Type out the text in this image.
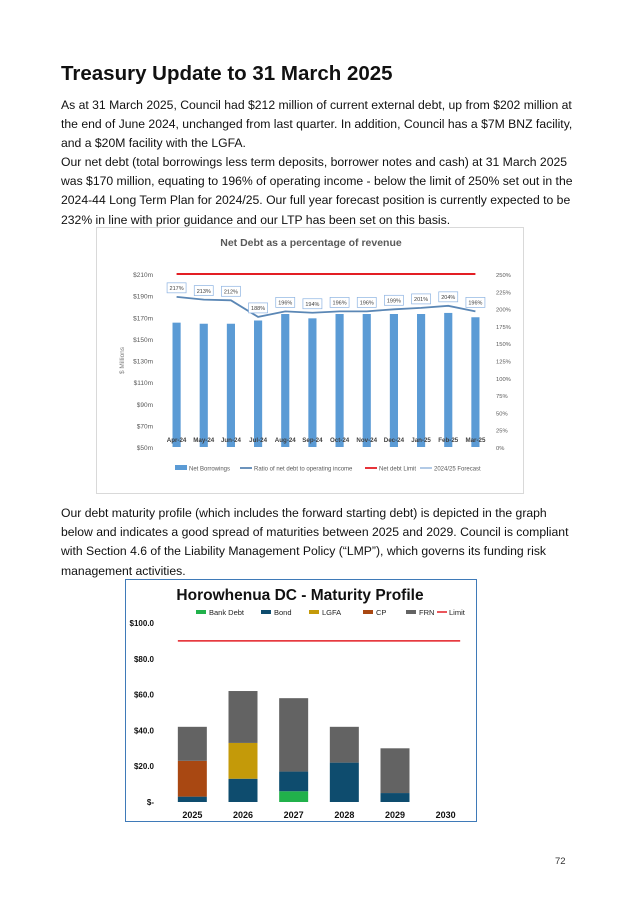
Treasury Update to 31 March 2025

As at 31 March 2025, Council had $212 million of current external debt, up from $202 million at the end of June 2024, unchanged from last quarter. In addition, Council has a $7M BNZ facility, and a $20M facility with the LGFA.

Our net debt (total borrowings less term deposits, borrower notes and cash) at 31 March 2025 was $170 million, equating to 196% of operating income - below the limit of 250% set out in the 2024-44 Long Term Plan for 2024/25. Our full year forecast position is currently expected to be 232% in line with prior guidance and our LTP has been set on this basis.

Net Debt as a percentage of revenue
$210m
$190m
$170m
$150m
$130m
$110m
$90m
$70m
$50m
250%
225%
200%
175%
150%
125%
100%
75%
50%
25%
0%
$ Millions
217% 213% 212%
188%
196% 194% 196% 196% 199% 201% 204%
196%
Apr-24 May-24 Jun-24 Jul-24 Aug-24 Sep-24 Oct-24 Nov-24 Dec-24 Jan-25 Feb-25 Mar-25
Net Borrowings	Ratio of net debt to operating income	Net debt Limit	2024/25 Forecast

Our debt maturity profile (which includes the forward starting debt) is depicted in the graph below and indicates a good spread of maturities between 2025 and 2029. Council is compliant with Section 4.6 of the Liability Management Policy (“LMP”), which governs its funding risk management activities.

Horowhenua DC - Maturity Profile
Bank Debt	Bond	LGFA	CP	FRN Limit
$100.0
$80.0
$60.0
$40.0
$20.0
$-
2025	2026	2027	2028	2029	2030
72
